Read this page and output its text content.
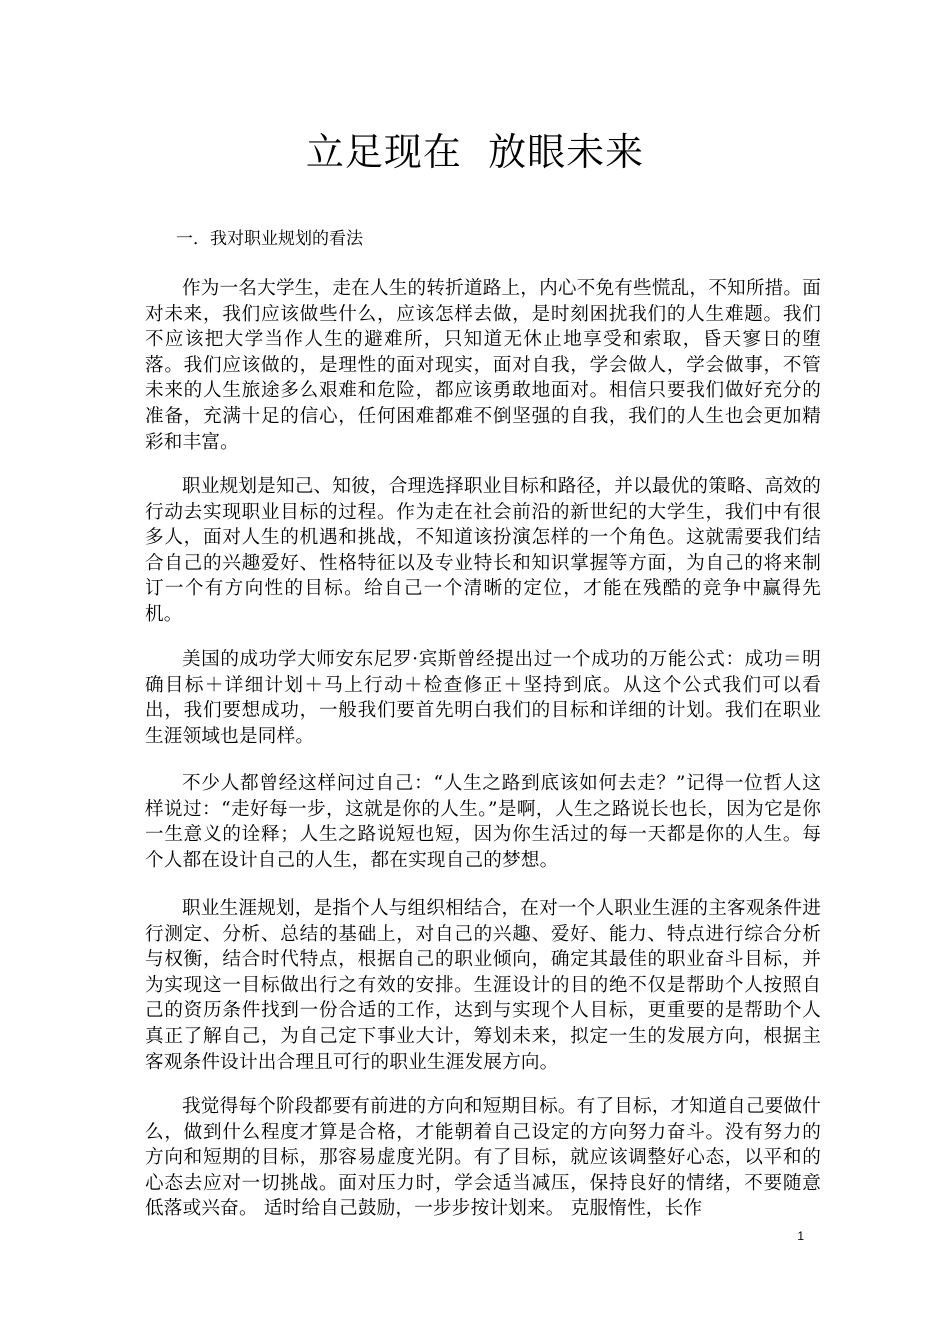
立足现在  放眼未来
一．我对职业规划的看法

作为一名大学生，走在人生的转折道路上，内心不免有些慌乱，不知所措。面对未来，我们应该做些什么，应该怎样去做，是时刻困扰我们的人生难题。我们不应该把大学当作人生的避难所，只知道无休止地享受和索取，昏天寥日的堕落。我们应该做的，是理性的面对现实，面对自我，学会做人，学会做事，不管未来的人生旅途多么艰难和危险，都应该勇敢地面对。相信只要我们做好充分的准备，充满十足的信心，任何困难都难不倒坚强的自我，我们的人生也会更加精彩和丰富。

职业规划是知己、知彼，合理选择职业目标和路径，并以最优的策略、高效的行动去实现职业目标的过程。作为走在社会前沿的新世纪的大学生，我们中有很多人，面对人生的机遇和挑战，不知道该扮演怎样的一个角色。这就需要我们结合自己的兴趣爱好、性格特征以及专业特长和知识掌握等方面，为自己的将来制订一个有方向性的目标。给自己一个清晰的定位，才能在残酷的竞争中赢得先机。

美国的成功学大师安东尼罗·宾斯曾经提出过一个成功的万能公式：成功＝明确目标＋详细计划＋马上行动＋检查修正＋坚持到底。从这个公式我们可以看出，我们要想成功，一般我们要首先明白我们的目标和详细的计划。我们在职业生涯领域也是同样。

不少人都曾经这样问过自己：“人生之路到底该如何去走？”记得一位哲人这样说过：“走好每一步，这就是你的人生。”是啊，人生之路说长也长，因为它是你一生意义的诠释；人生之路说短也短，因为你生活过的每一天都是你的人生。每个人都在设计自己的人生，都在实现自己的梦想。

职业生涯规划，是指个人与组织相结合，在对一个人职业生涯的主客观条件进行测定、分析、总结的基础上，对自己的兴趣、爱好、能力、特点进行综合分析与权衡，结合时代特点，根据自己的职业倾向，确定其最佳的职业奋斗目标，并为实现这一目标做出行之有效的安排。生涯设计的目的绝不仅是帮助个人按照自己的资历条件找到一份合适的工作，达到与实现个人目标，更重要的是帮助个人真正了解自己，为自己定下事业大计，筹划未来，拟定一生的发展方向，根据主客观条件设计出合理且可行的职业生涯发展方向。

我觉得每个阶段都要有前进的方向和短期目标。有了目标，才知道自己要做什么，做到什么程度才算是合格，才能朝着自己设定的方向努力奋斗。没有努力的方向和短期的目标，那容易虚度光阴。有了目标，就应该调整好心态，以平和的心态去应对一切挑战。面对压力时，学会适当减压，保持良好的情绪，不要随意低落或兴奋。 适时给自己鼓励，一步步按计划来。 克服惰性，长作

1
